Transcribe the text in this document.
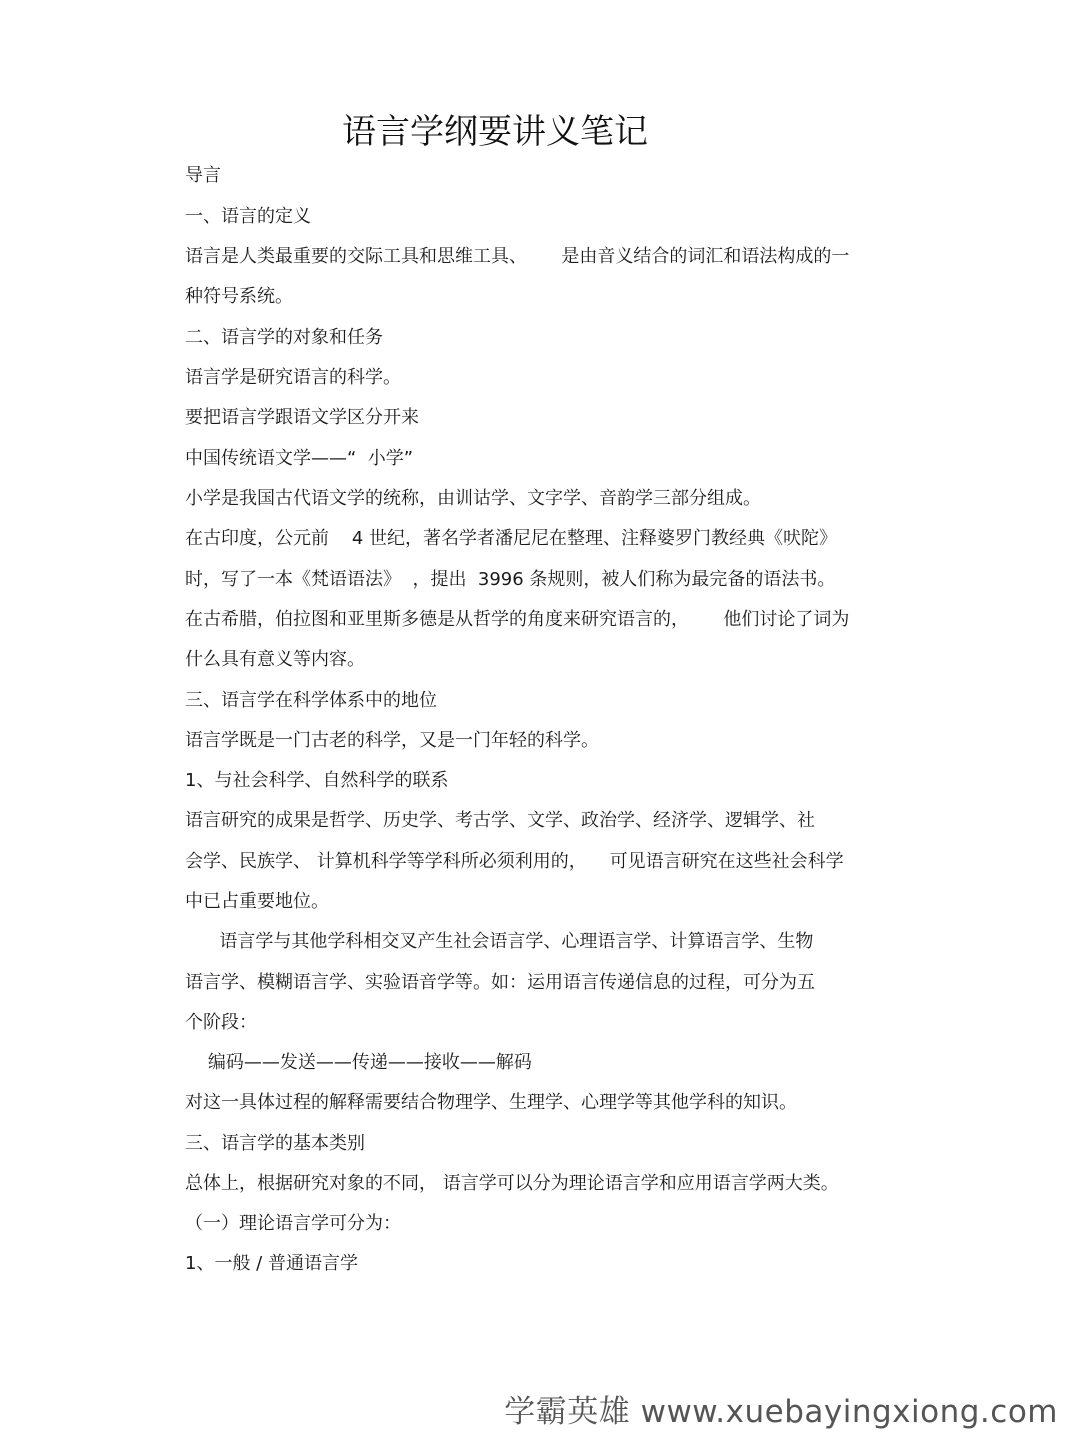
语言学纲要讲义笔记
导言
一、语言的定义
语言是人类最重要的交际工具和思维工具、      是由音义结合的词汇和语法构成的一
种符号系统。
二、语言学的对象和任务
语言学是研究语言的科学。
要把语言学跟语文学区分开来
中国传统语文学——“  小学”
小学是我国古代语文学的统称，由训诂学、文字学、音韵学三部分组成。
在古印度，公元前    4 世纪，著名学者潘尼尼在整理、注释婆罗门教经典《吠陀》
时，写了一本《梵语语法》  ，提出  3996 条规则，被人们称为最完备的语法书。
在古希腊，伯拉图和亚里斯多德是从哲学的角度来研究语言的，      他们讨论了词为
什么具有意义等内容。
三、语言学在科学体系中的地位
语言学既是一门古老的科学，又是一门年轻的科学。
1、与社会科学、自然科学的联系
语言研究的成果是哲学、历史学、考古学、文学、政治学、经济学、逻辑学、社
会学、民族学、 计算机科学等学科所必须利用的，    可见语言研究在这些社会科学
中已占重要地位。
语言学与其他学科相交叉产生社会语言学、心理语言学、计算语言学、生物
语言学、模糊语言学、实验语音学等。如：运用语言传递信息的过程，可分为五
个阶段：
编码——发送——传递——接收——解码
对这一具体过程的解释需要结合物理学、生理学、心理学等其他学科的知识。
三、语言学的基本类别
总体上，根据研究对象的不同， 语言学可以分为理论语言学和应用语言学两大类。
（一）理论语言学可分为：
1、一般 / 普通语言学
学霸英雄 www.xuebayingxiong.com
